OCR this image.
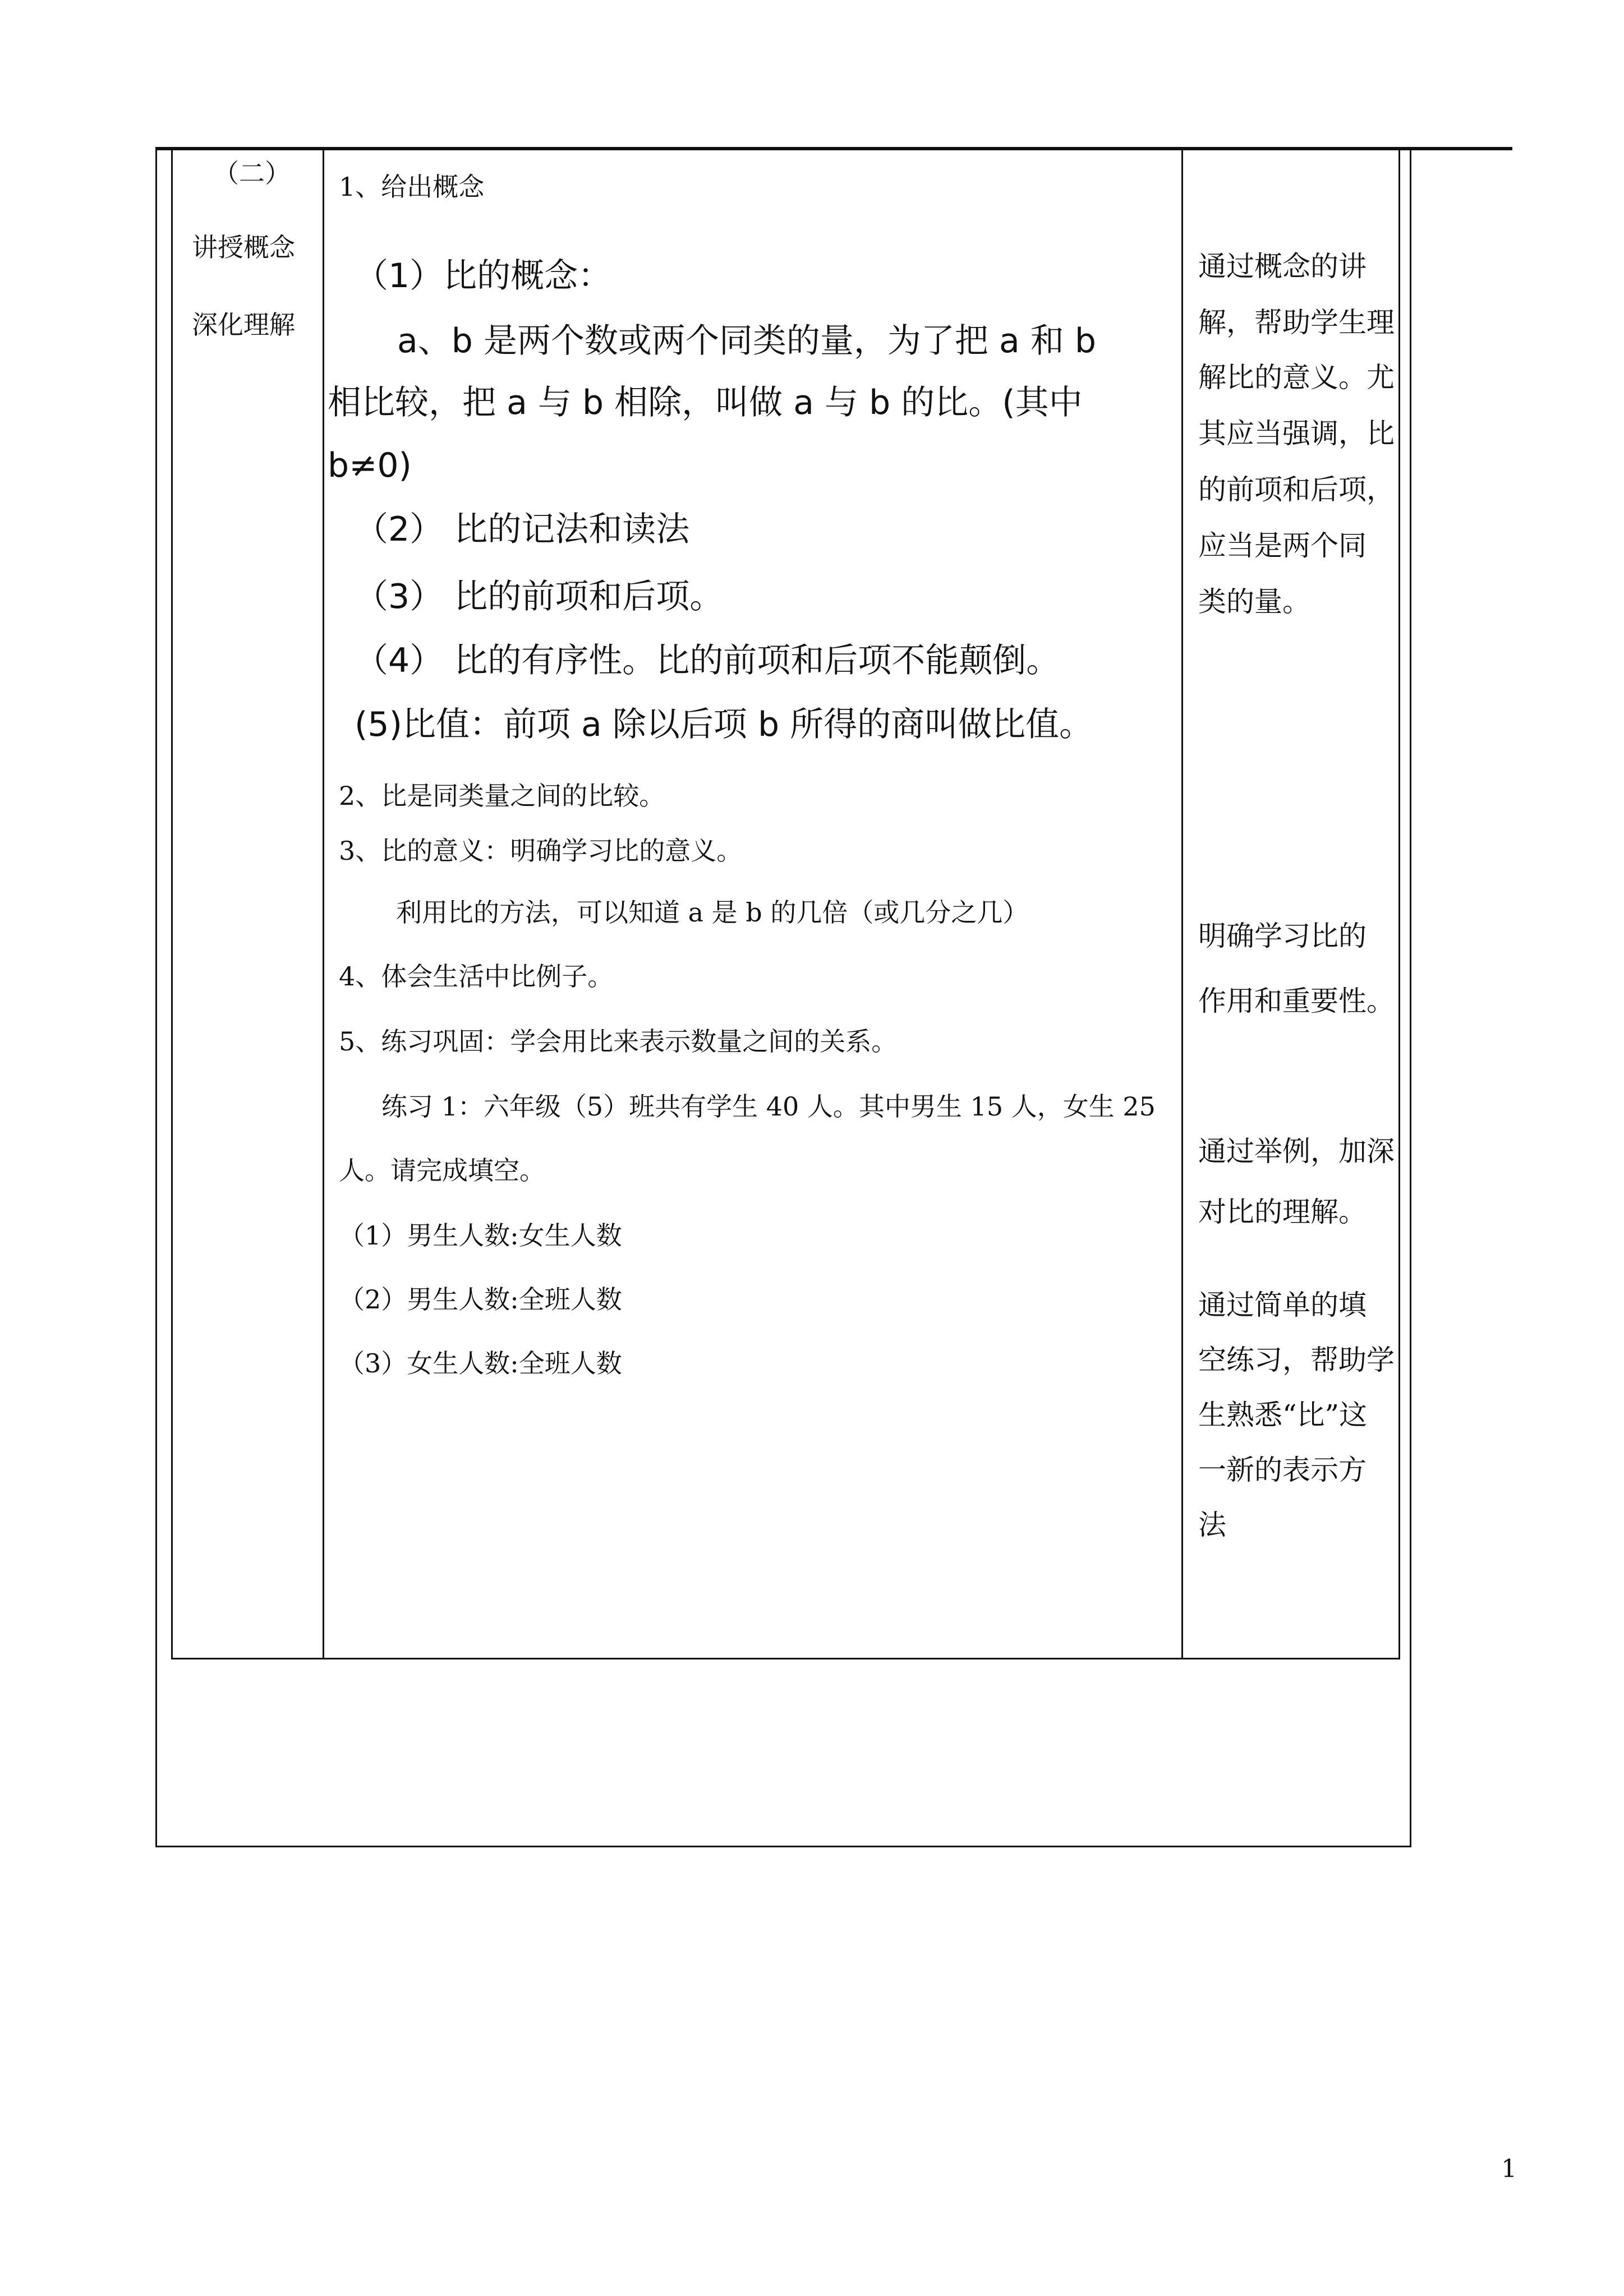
（二）
讲授概念
深化理解
1、给出概念
（1）比的概念：
a、b 是两个数或两个同类的量，为了把 a 和 b
相比较，把 a 与 b 相除，叫做 a 与 b 的比。(其中
b≠0)
（2） 比的记法和读法
（3） 比的前项和后项。
（4） 比的有序性。比的前项和后项不能颠倒。
(5)比值：前项 a 除以后项 b 所得的商叫做比值。
2、比是同类量之间的比较。
3、比的意义：明确学习比的意义。
利用比的方法，可以知道 a 是 b 的几倍（或几分之几）
4、体会生活中比例子。
5、练习巩固：学会用比来表示数量之间的关系。
练习 1：六年级（5）班共有学生 40 人。其中男生 15 人，女生 25
人。请完成填空。
（1）男生人数:女生人数
（2）男生人数:全班人数
（3）女生人数:全班人数
通过概念的讲
解，帮助学生理
解比的意义。尤
其应当强调，比
的前项和后项，
应当是两个同
类的量。
明确学习比的
作用和重要性。
通过举例，加深
对比的理解。
通过简单的填
空练习，帮助学
生熟悉“比”这
一新的表示方
法
1
